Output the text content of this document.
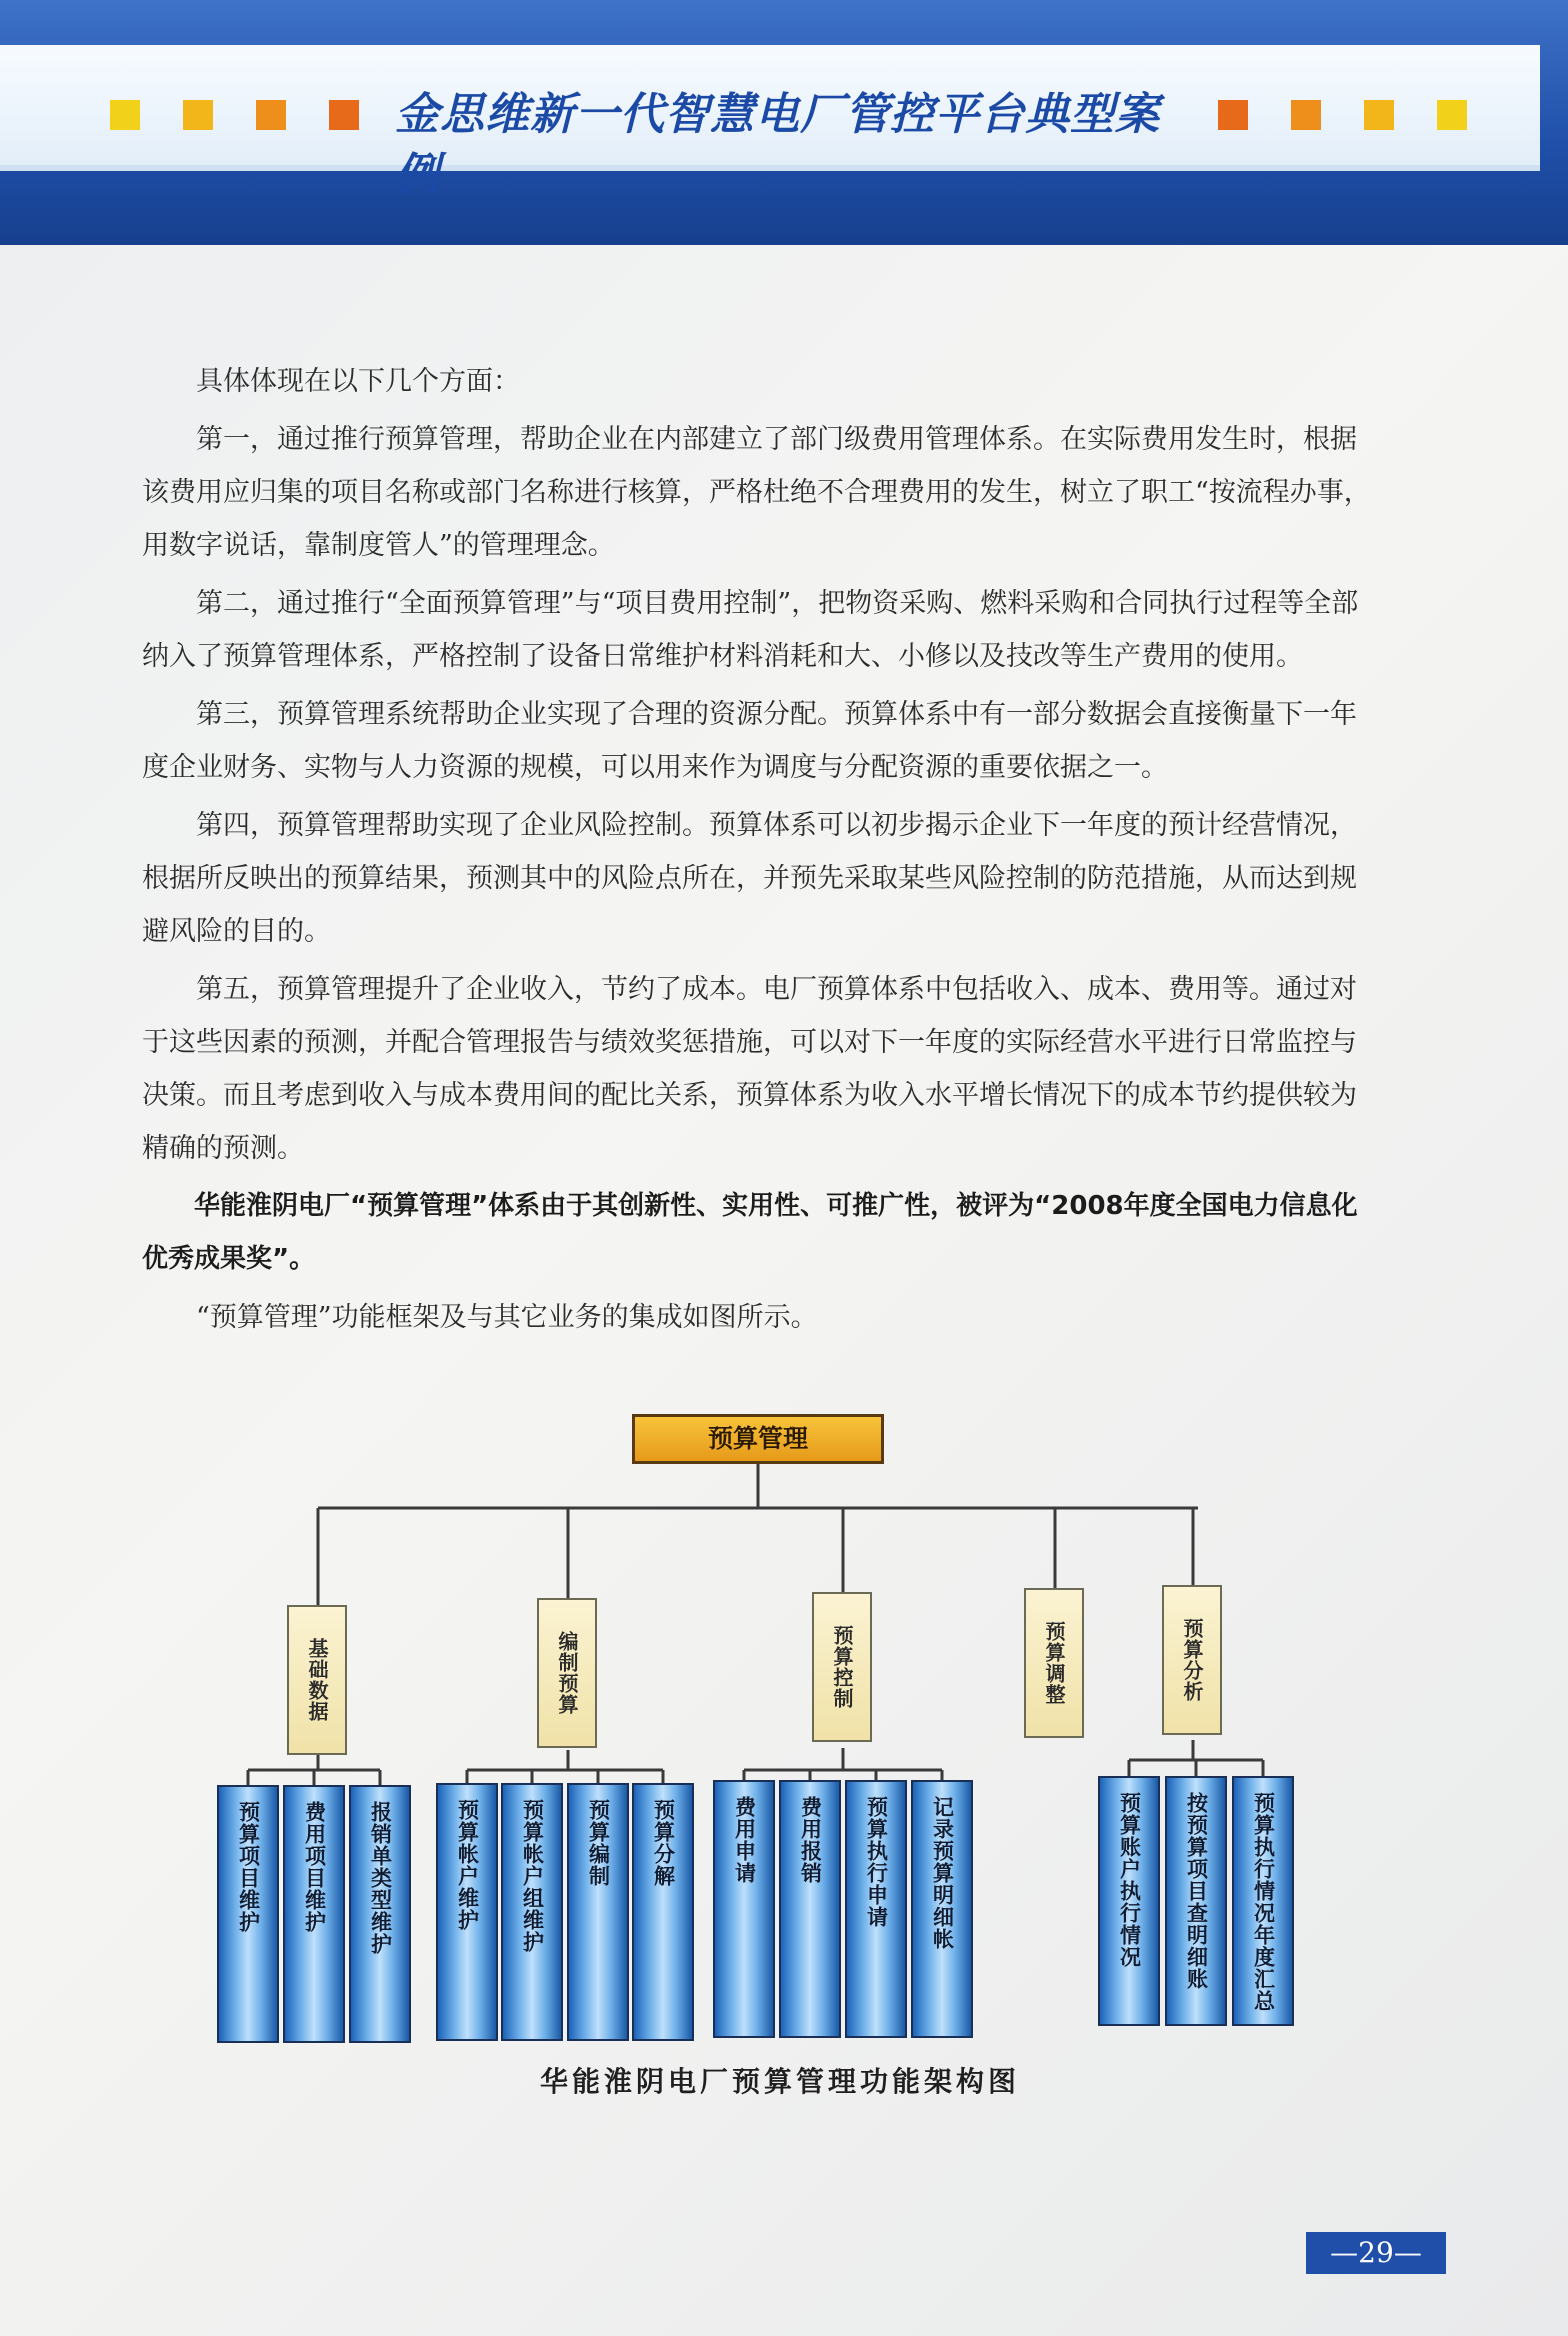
金思维新一代智慧电厂管控平台典型案例

具体体现在以下几个方面：

第一，通过推行预算管理，帮助企业在内部建立了部门级费用管理体系。在实际费用发生时，根据该费用应归集的项目名称或部门名称进行核算，严格杜绝不合理费用的发生，树立了职工“按流程办事，用数字说话，靠制度管人”的管理理念。

第二，通过推行“全面预算管理”与“项目费用控制”，把物资采购、燃料采购和合同执行过程等全部纳入了预算管理体系，严格控制了设备日常维护材料消耗和大、小修以及技改等生产费用的使用。

第三，预算管理系统帮助企业实现了合理的资源分配。预算体系中有一部分数据会直接衡量下一年度企业财务、实物与人力资源的规模，可以用来作为调度与分配资源的重要依据之一。

第四，预算管理帮助实现了企业风险控制。预算体系可以初步揭示企业下一年度的预计经营情况，根据所反映出的预算结果，预测其中的风险点所在，并预先采取某些风险控制的防范措施，从而达到规避风险的目的。

第五，预算管理提升了企业收入，节约了成本。电厂预算体系中包括收入、成本、费用等。通过对于这些因素的预测，并配合管理报告与绩效奖惩措施，可以对下一年度的实际经营水平进行日常监控与决策。而且考虑到收入与成本费用间的配比关系，预算体系为收入水平增长情况下的成本节约提供较为精确的预测。

华能淮阴电厂“预算管理”体系由于其创新性、实用性、可推广性，被评为“2008年度全国电力信息化优秀成果奖”。

“预算管理”功能框架及与其它业务的集成如图所示。

预算管理
基础数据	编制预算	预算控制	预算调整	预算分析
预算项目维护 费用项目维护 报销单类型维护	预算帐户维护 预算帐户组维护 预算编制 预算分解	费用申请 费用报销 预算执行申请 记录预算明细帐	预算账户执行情况 按预算项目查明细账 预算执行情况年度汇总
华能淮阴电厂预算管理功能架构图
—29—
